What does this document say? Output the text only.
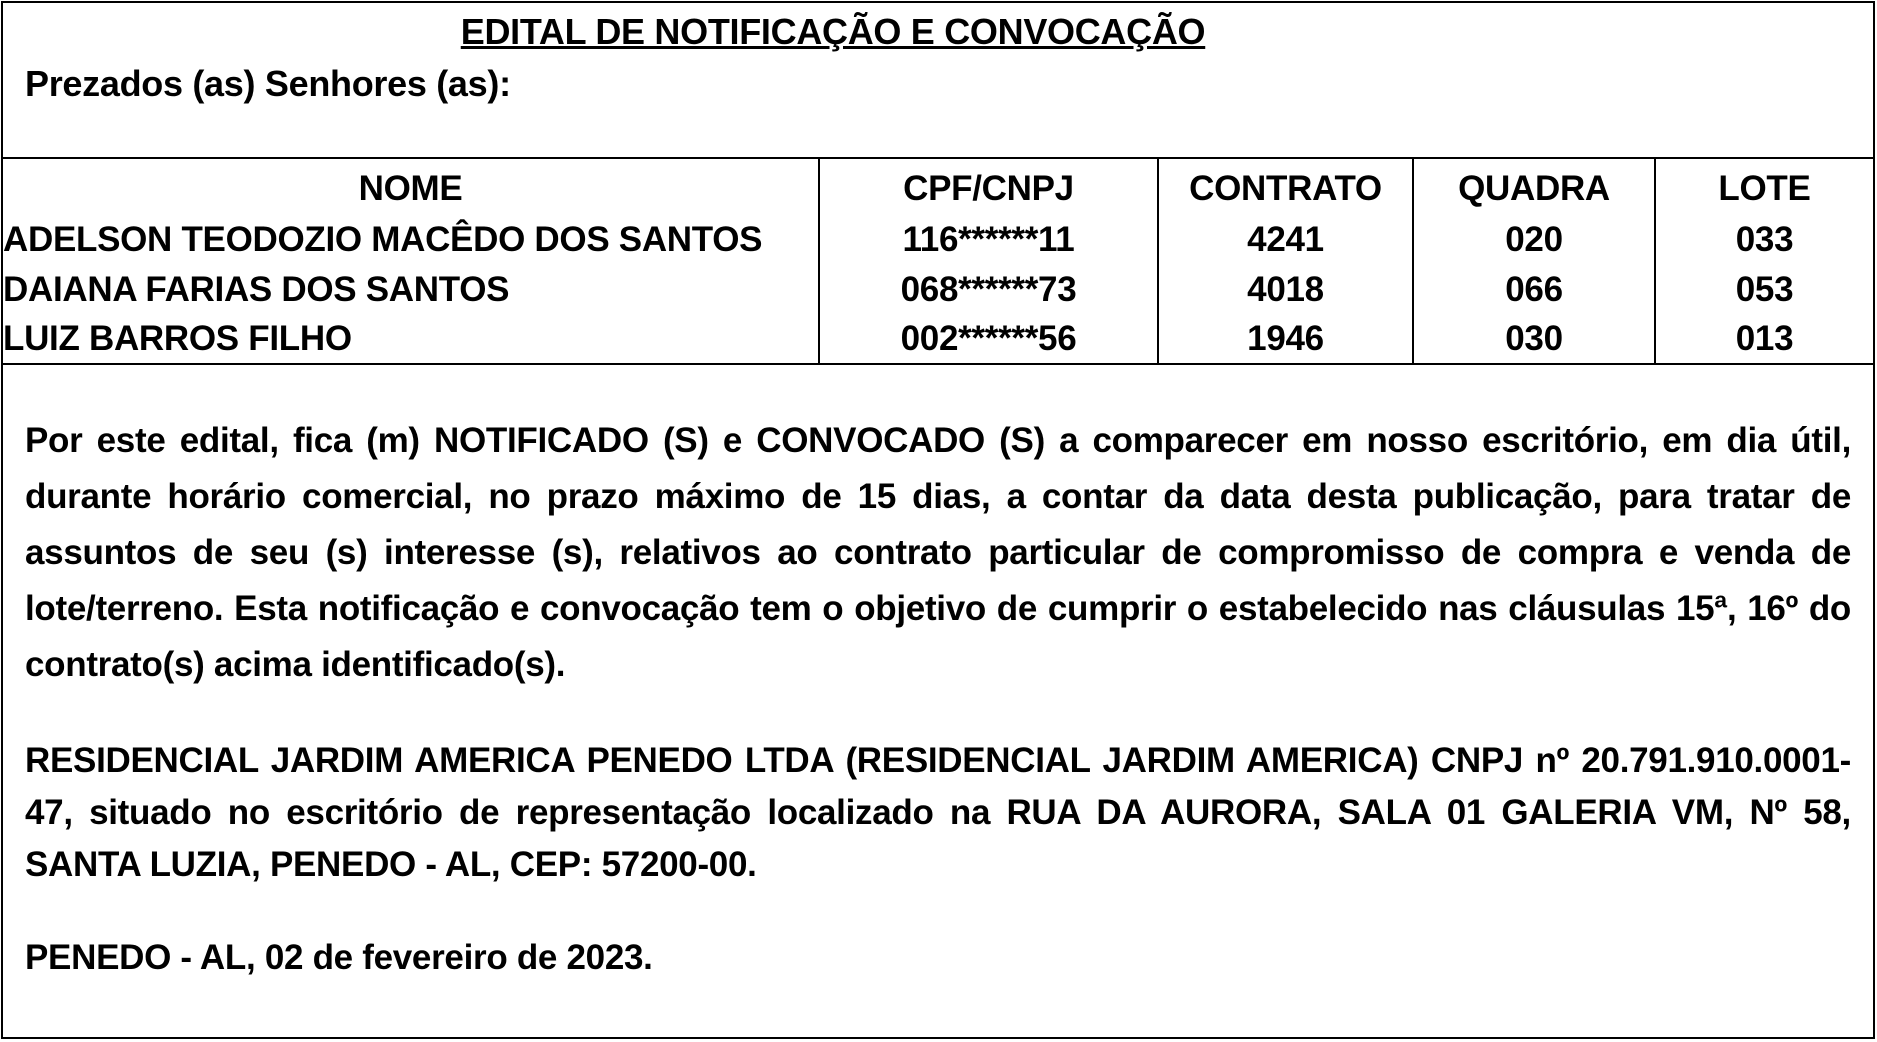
EDITAL DE NOTIFICAÇÃO E CONVOCAÇÃO
Prezados (as) Senhores (as):
NOME	CPF/CNPJ	CONTRATO	QUADRA	LOTE
ADELSON TEODOZIO MACÊDO DOS SANTOS	116******11	4241	020	033
DAIANA FARIAS DOS SANTOS	068******73	4018	066	053
LUIZ BARROS FILHO	002******56	1946	030	013
Por este edital, fica (m) NOTIFICADO (S) e CONVOCADO (S) a comparecer em nosso escritório, em dia útil, durante horário comercial, no prazo máximo de 15 dias, a contar da data desta publicação, para tratar de assuntos de seu (s) interesse (s), relativos ao contrato particular de compromisso de compra e venda de lote/terreno. Esta notificação e convocação tem o objetivo de cumprir o estabelecido nas cláusulas 15ª, 16º do contrato(s) acima identificado(s).
RESIDENCIAL JARDIM AMERICA PENEDO LTDA (RESIDENCIAL JARDIM AMERICA) CNPJ nº 20.791.910.0001-47, situado no escritório de representação localizado na RUA DA AURORA, SALA 01 GALERIA VM, Nº 58, SANTA LUZIA, PENEDO - AL, CEP: 57200-00.
PENEDO - AL, 02 de fevereiro de 2023.
